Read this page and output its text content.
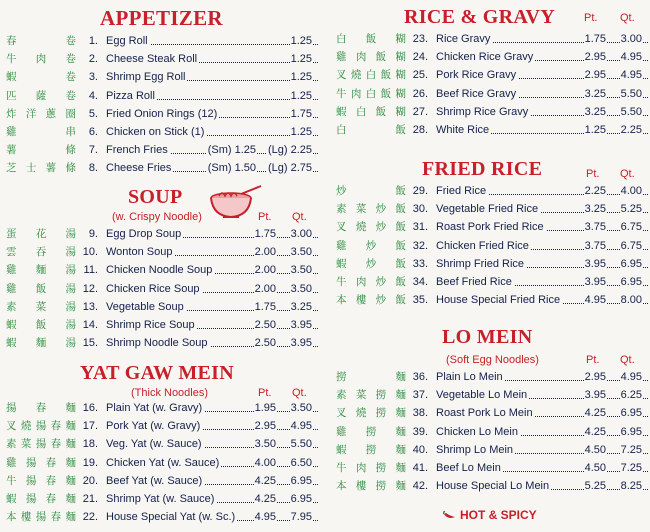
APPETIZER
春	卷	1. Egg Roll	1.25
牛 肉 卷	2. Cheese Steak Roll	1.25
蝦	卷	3. Shrimp Egg Roll	1.25
匹 薩 卷	4. Pizza Roll	1.25
炸 洋 蔥 圈	5. Fried Onion Rings (12)	1.75
雞	串	6. Chicken on Stick (1)	1.25
薯	條	7. French Fries	(Sm) 1.25 (Lg) 2.25
芝 士 薯 條	8. Cheese Fries	(Sm) 1.50 (Lg) 2.75
SOUP
(w. Crispy Noodle)	Pt. Qt.
蛋 花 湯	9. Egg Drop Soup	1.75 3.00
雲 吞 湯 10. Wonton Soup	2.00 3.50
雞 麵 湯 11. Chicken Noodle Soup	2.00 3.50
雞 飯 湯 12. Chicken Rice Soup	2.00 3.50
素 菜 湯 13. Vegetable Soup	1.75 3.25
蝦 飯 湯 14. Shrimp Rice Soup	2.50 3.95
蝦 麵 湯 15. Shrimp Noodle Soup	2.50 3.95
YAT GAW MEIN
(Thick Noodles)	Pt. Qt.
揚 春 麵 16. Plain Yat (w. Gravy)	1.95 3.50
叉 燒 揚 春 麵 17. Pork Yat (w. Gravy)	2.95 4.95
素 菜 揚 春 麵 18. Veg. Yat (w. Sauce)	3.50 5.50
雞 揚 春 麵 19. Chicken Yat (w. Sauce)	4.00 6.50
牛 揚 春 麵 20. Beef Yat (w. Sauce)	4.25 6.95
蝦 揚 春 麵 21. Shrimp Yat (w. Sauce)	4.25 6.95
本 樓 揚 春 麵 22. House Special Yat (w. Sc.)	4.95 7.95
RICE & GRAVY	Pt. Qt.
白 飯 糊 23. Rice Gravy	1.75 3.00
雞 肉 飯 糊 24. Chicken Rice Gravy	2.95 4.95
叉 燒 白 飯 糊 25. Pork Rice Gravy	2.95 4.95
牛 肉 白 飯 糊 26. Beef Rice Gravy	3.25 5.50
蝦 白 飯 糊 27. Shrimp Rice Gravy	3.25 5.50
白	飯 28. White Rice	1.25 2.25
FRIED RICE	Pt. Qt.
炒	飯 29. Fried Rice	2.25 4.00
素 菜 炒 飯 30. Vegetable Fried Rice	3.25 5.25
叉 燒 炒 飯 31. Roast Pork Fried Rice	3.75 6.75
雞 炒 飯 32. Chicken Fried Rice	3.75 6.75
蝦 炒 飯 33. Shrimp Fried Rice	3.95 6.95
牛 肉 炒 飯 34. Beef Fried Rice	3.95 6.95
本 樓 炒 飯 35. House Special Fried Rice	4.95 8.00
LO MEIN
(Soft Egg Noodles)	Pt. Qt.
撈	麵 36. Plain Lo Mein	2.95 4.95
素 菜 撈 麵 37. Vegetable Lo Mein	3.95 6.25
叉 燒 撈 麵 38. Roast Pork Lo Mein	4.25 6.95
雞 撈 麵 39. Chicken Lo Mein	4.25 6.95
蝦 撈 麵 40. Shrimp Lo Mein	4.50 7.25
牛 肉 撈 麵 41. Beef Lo Mein	4.50 7.25
本 樓 撈 麵 42. House Special Lo Mein	5.25 8.25
HOT & SPICY
